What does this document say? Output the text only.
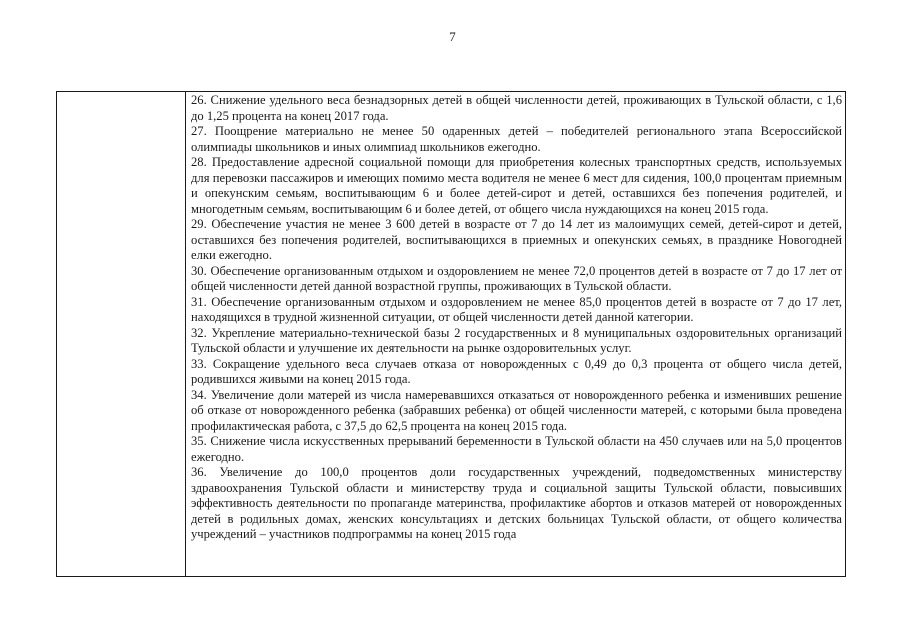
7

26. Снижение удельного веса безнадзорных детей в общей численности детей, проживающих в Тульской области, с 1,6 до 1,25 процента на конец 2017 года.

27. Поощрение материально не менее 50 одаренных детей – победителей регионального этапа Всероссийской олимпиады школьников и иных олимпиад школьников ежегодно.

28. Предоставление адресной социальной помощи для приобретения колесных транспортных средств, используемых для перевозки пассажиров и имеющих помимо места водителя не менее 6 мест для сидения, 100,0 процентам приемным и опекунским семьям, воспитывающим 6 и более детей-сирот и детей, оставшихся без попечения родителей, и многодетным семьям, воспитывающим 6 и более детей, от общего числа нуждающихся на конец 2015 года.

29. Обеспечение участия не менее 3 600 детей в возрасте от 7 до 14 лет из малоимущих семей, детей-сирот и детей, оставшихся без попечения родителей, воспитывающихся в приемных и опекунских семьях, в празднике Новогодней елки ежегодно.

30. Обеспечение организованным отдыхом и оздоровлением не менее 72,0 процентов детей в возрасте от 7 до 17 лет от общей численности детей данной возрастной группы, проживающих в Тульской области.

31. Обеспечение организованным отдыхом и оздоровлением не менее 85,0 процентов детей в возрасте от 7 до 17 лет, находящихся в трудной жизненной ситуации, от общей численности детей данной категории.

32. Укрепление материально-технической базы 2 государственных и 8 муниципальных оздоровительных организаций Тульской области и улучшение их деятельности на рынке оздоровительных услуг.

33. Сокращение удельного веса случаев отказа от новорожденных с 0,49 до 0,3 процента от общего числа детей, родившихся живыми на конец 2015 года.

34. Увеличение доли матерей из числа намеревавшихся отказаться от новорожденного ребенка и изменивших решение об отказе от новорожденного ребенка (забравших ребенка) от общей численности матерей, с которыми была проведена профилактическая работа, с 37,5 до 62,5 процента на конец 2015 года.

35. Снижение числа искусственных прерываний беременности в Тульской области на 450 случаев или на 5,0 процентов ежегодно.

36. Увеличение до 100,0 процентов доли государственных учреждений, подведомственных министерству здравоохранения Тульской области и министерству труда и социальной защиты Тульской области, повысивших эффективность деятельности по пропаганде материнства, профилактике абортов и отказов матерей от новорожденных детей в родильных домах, женских консультациях и детских больницах Тульской области, от общего количества учреждений – участников подпрограммы на конец 2015 года
